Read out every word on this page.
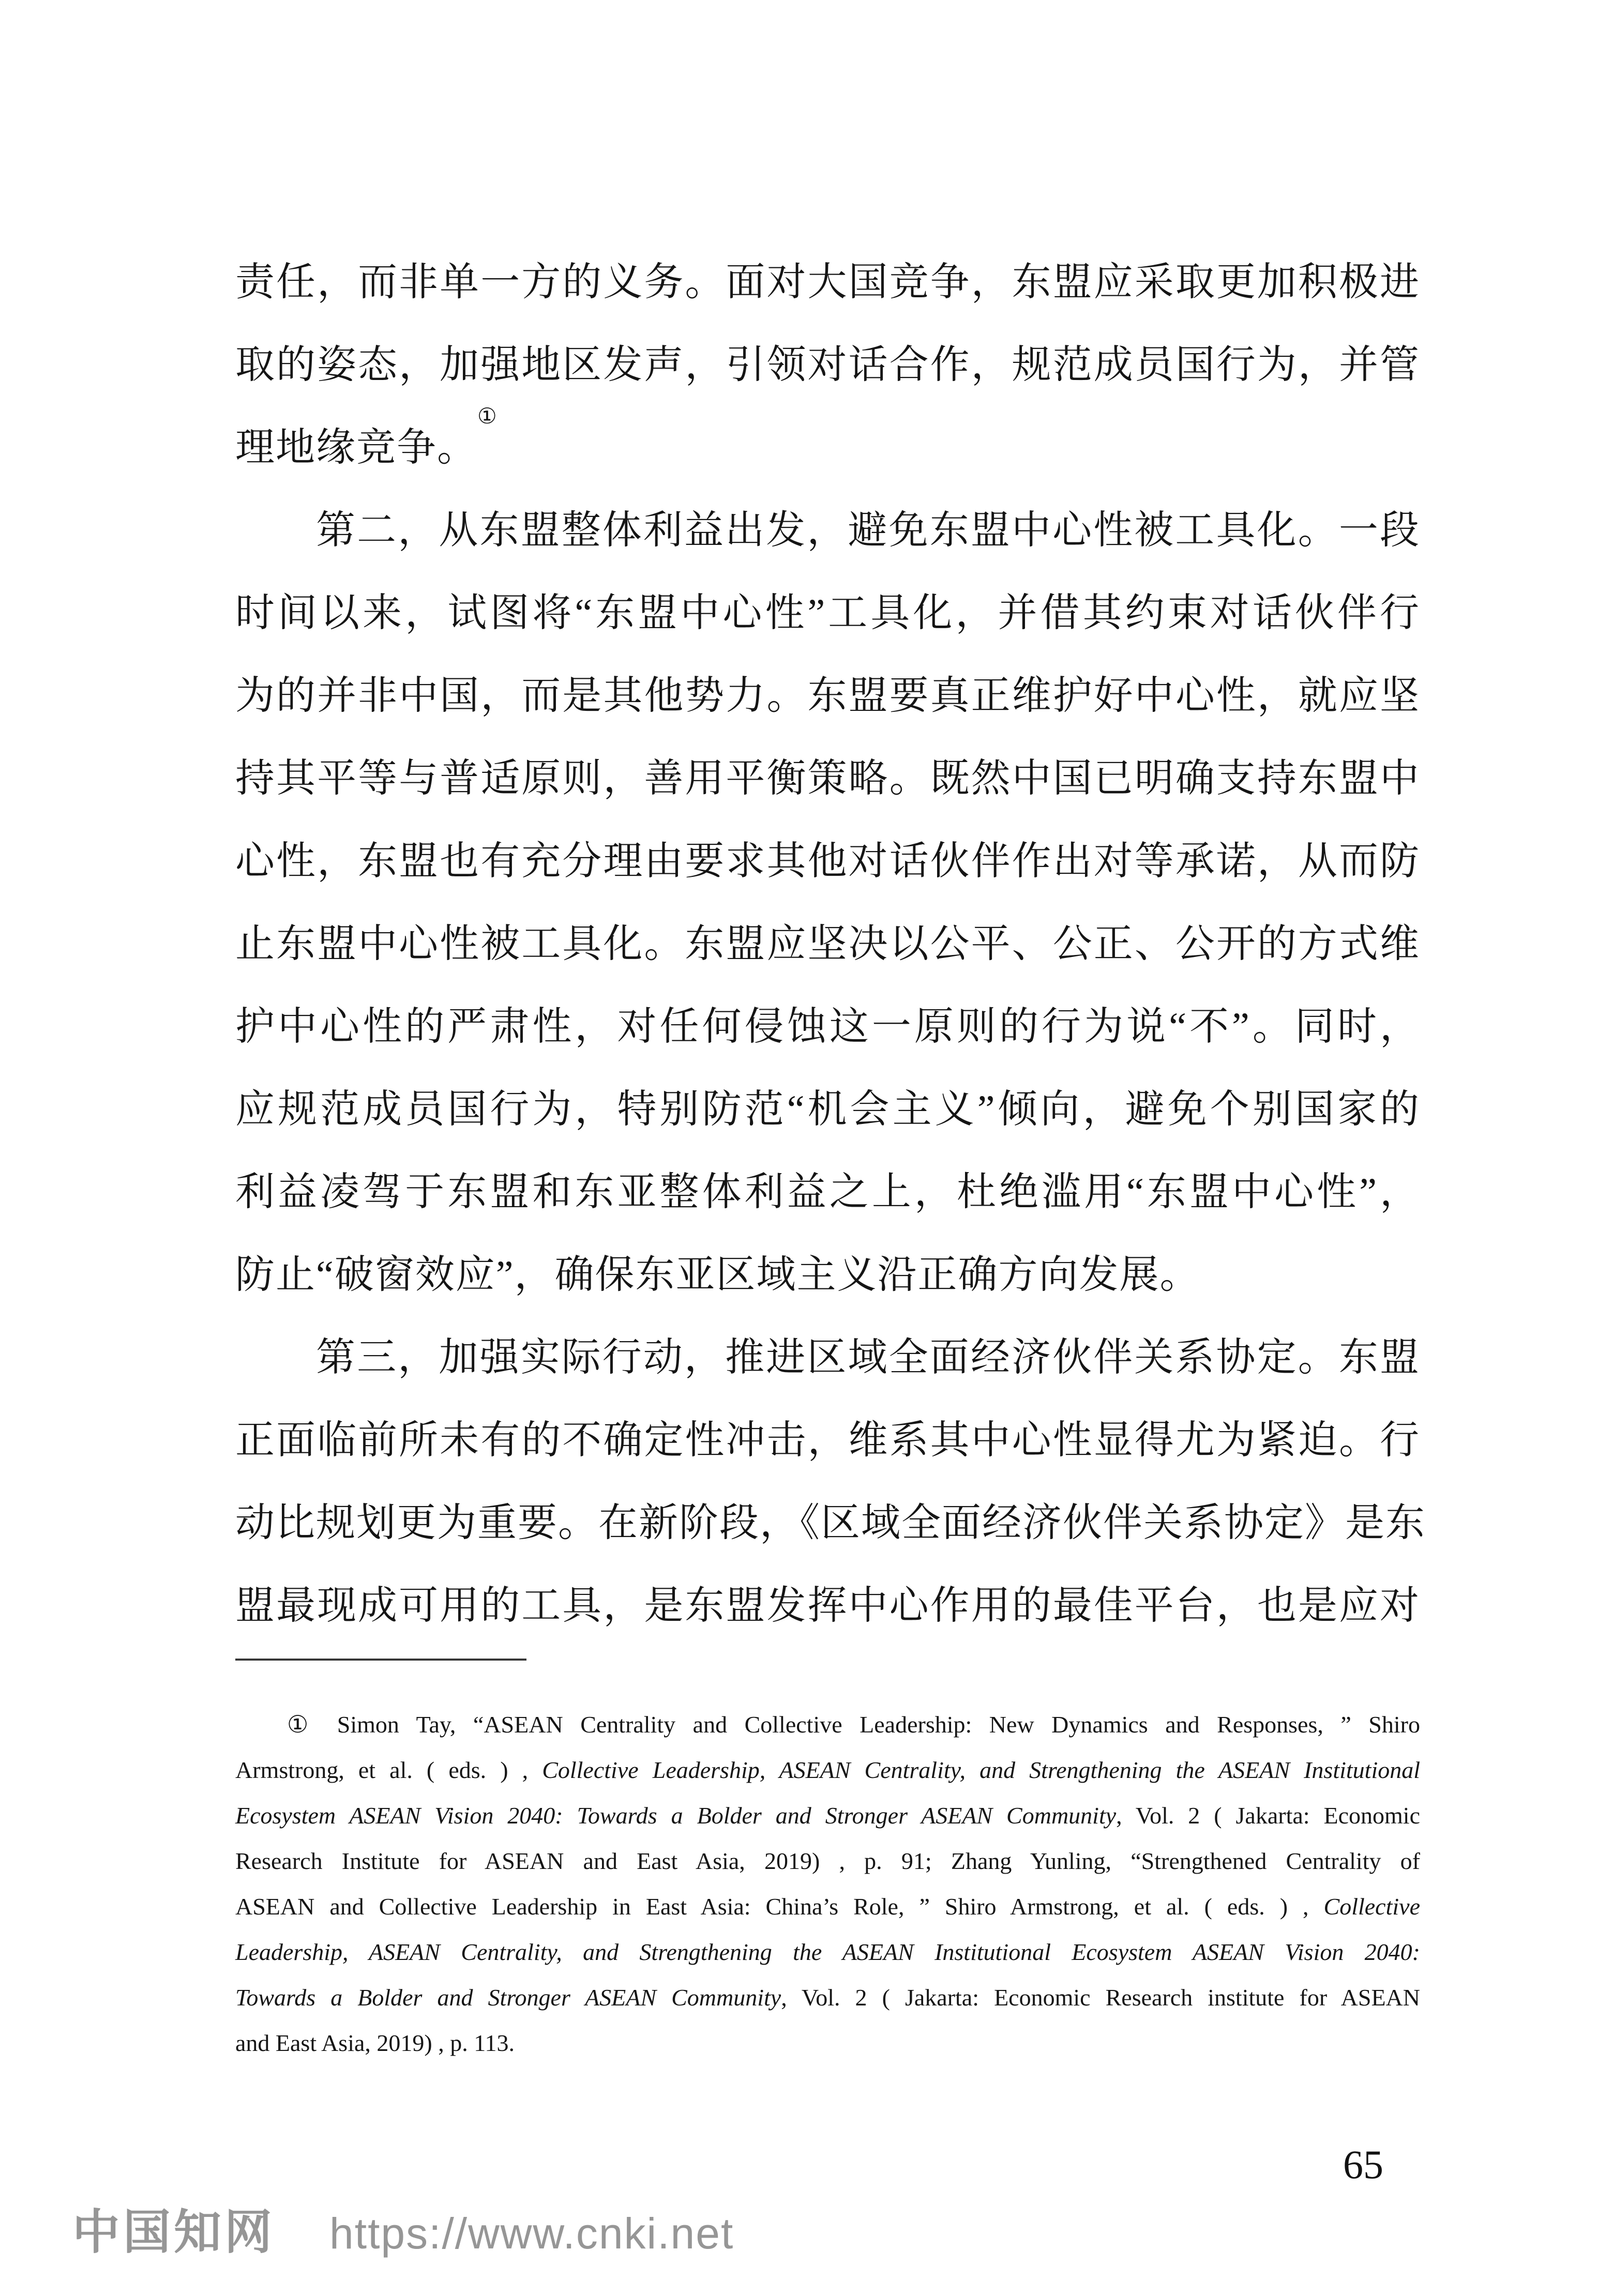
责任，而非单一方的义务。面对大国竞争，东盟应采取更加积极进
取的姿态，加强地区发声，引领对话合作，规范成员国行为，并管
理地缘竞争。①
第二，从东盟整体利益出发，避免东盟中心性被工具化。一段
时间以来，试图将“东盟中心性”工具化，并借其约束对话伙伴行
为的并非中国，而是其他势力。东盟要真正维护好中心性，就应坚
持其平等与普适原则，善用平衡策略。既然中国已明确支持东盟中
心性，东盟也有充分理由要求其他对话伙伴作出对等承诺，从而防
止东盟中心性被工具化。东盟应坚决以公平、公正、公开的方式维
护中心性的严肃性，对任何侵蚀这一原则的行为说“不”。同时，
应规范成员国行为，特别防范“机会主义”倾向，避免个别国家的
利益凌驾于东盟和东亚整体利益之上，杜绝滥用“东盟中心性”，
防止“破窗效应”，确保东亚区域主义沿正确方向发展。
第三，加强实际行动，推进区域全面经济伙伴关系协定。东盟
正面临前所未有的不确定性冲击，维系其中心性显得尤为紧迫。行
动比规划更为重要。在新阶段，《区域全面经济伙伴关系协定》是东
盟最现成可用的工具，是东盟发挥中心作用的最佳平台，也是应对
① Simon Tay, “ASEAN Centrality and Collective Leadership: New Dynamics and Responses, ” Shiro
Armstrong, et al. ( eds. ) , Collective Leadership, ASEAN Centrality, and Strengthening the ASEAN Institutional
Ecosystem ASEAN Vision 2040: Towards a Bolder and Stronger ASEAN Community, Vol. 2 ( Jakarta: Economic
Research Institute for ASEAN and East Asia, 2019) , p. 91; Zhang Yunling, “Strengthened Centrality of
ASEAN and Collective Leadership in East Asia: China’s Role, ” Shiro Armstrong, et al. ( eds. ) , Collective
Leadership, ASEAN Centrality, and Strengthening the ASEAN Institutional Ecosystem ASEAN Vision 2040:
Towards a Bolder and Stronger ASEAN Community, Vol. 2 ( Jakarta: Economic Research institute for ASEAN
and East Asia, 2019) , p. 113.
65
中国知网 https://www.cnki.net
